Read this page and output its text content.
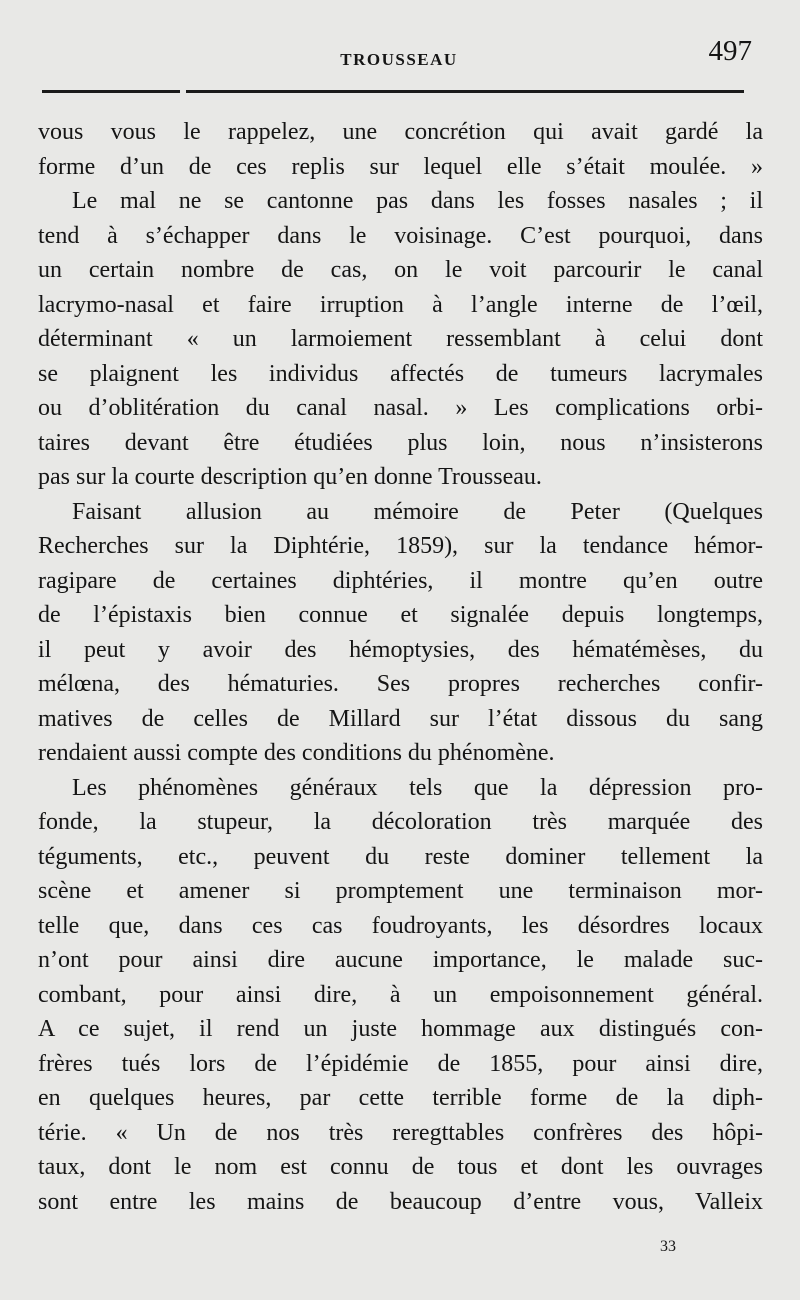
TROUSSEAU	497
vous vous le rappelez, une concrétion qui avait gardé la
forme d’un de ces replis sur lequel elle s’était moulée. »
Le mal ne se cantonne pas dans les fosses nasales ; il
tend à s’échapper dans le voisinage. C’est pourquoi, dans
un certain nombre de cas, on le voit parcourir le canal
lacrymo-nasal et faire irruption à l’angle interne de l’œil,
déterminant « un larmoiement ressemblant à celui dont
se plaignent les individus affectés de tumeurs lacrymales
ou d’oblitération du canal nasal. » Les complications orbi-
taires devant être étudiées plus loin, nous n’insisterons
pas sur la courte description qu’en donne Trousseau.
Faisant allusion au mémoire de Peter (Quelques
Recherches sur la Diphtérie, 1859), sur la tendance hémor-
ragipare de certaines diphtéries, il montre qu’en outre
de l’épistaxis bien connue et signalée depuis longtemps,
il peut y avoir des hémoptysies, des hématémèses, du
mélœna, des hématuries. Ses propres recherches confir-
matives de celles de Millard sur l’état dissous du sang
rendaient aussi compte des conditions du phénomène.
Les phénomènes généraux tels que la dépression pro-
fonde, la stupeur, la décoloration très marquée des
téguments, etc., peuvent du reste dominer tellement la
scène et amener si promptement une terminaison mor-
telle que, dans ces cas foudroyants, les désordres locaux
n’ont pour ainsi dire aucune importance, le malade suc-
combant, pour ainsi dire, à un empoisonnement général.
A ce sujet, il rend un juste hommage aux distingués con-
frères tués lors de l’épidémie de 1855, pour ainsi dire,
en quelques heures, par cette terrible forme de la diph-
térie. « Un de nos très reregttables confrères des hôpi-
taux, dont le nom est connu de tous et dont les ouvrages
sont entre les mains de beaucoup d’entre vous, Valleix
33
